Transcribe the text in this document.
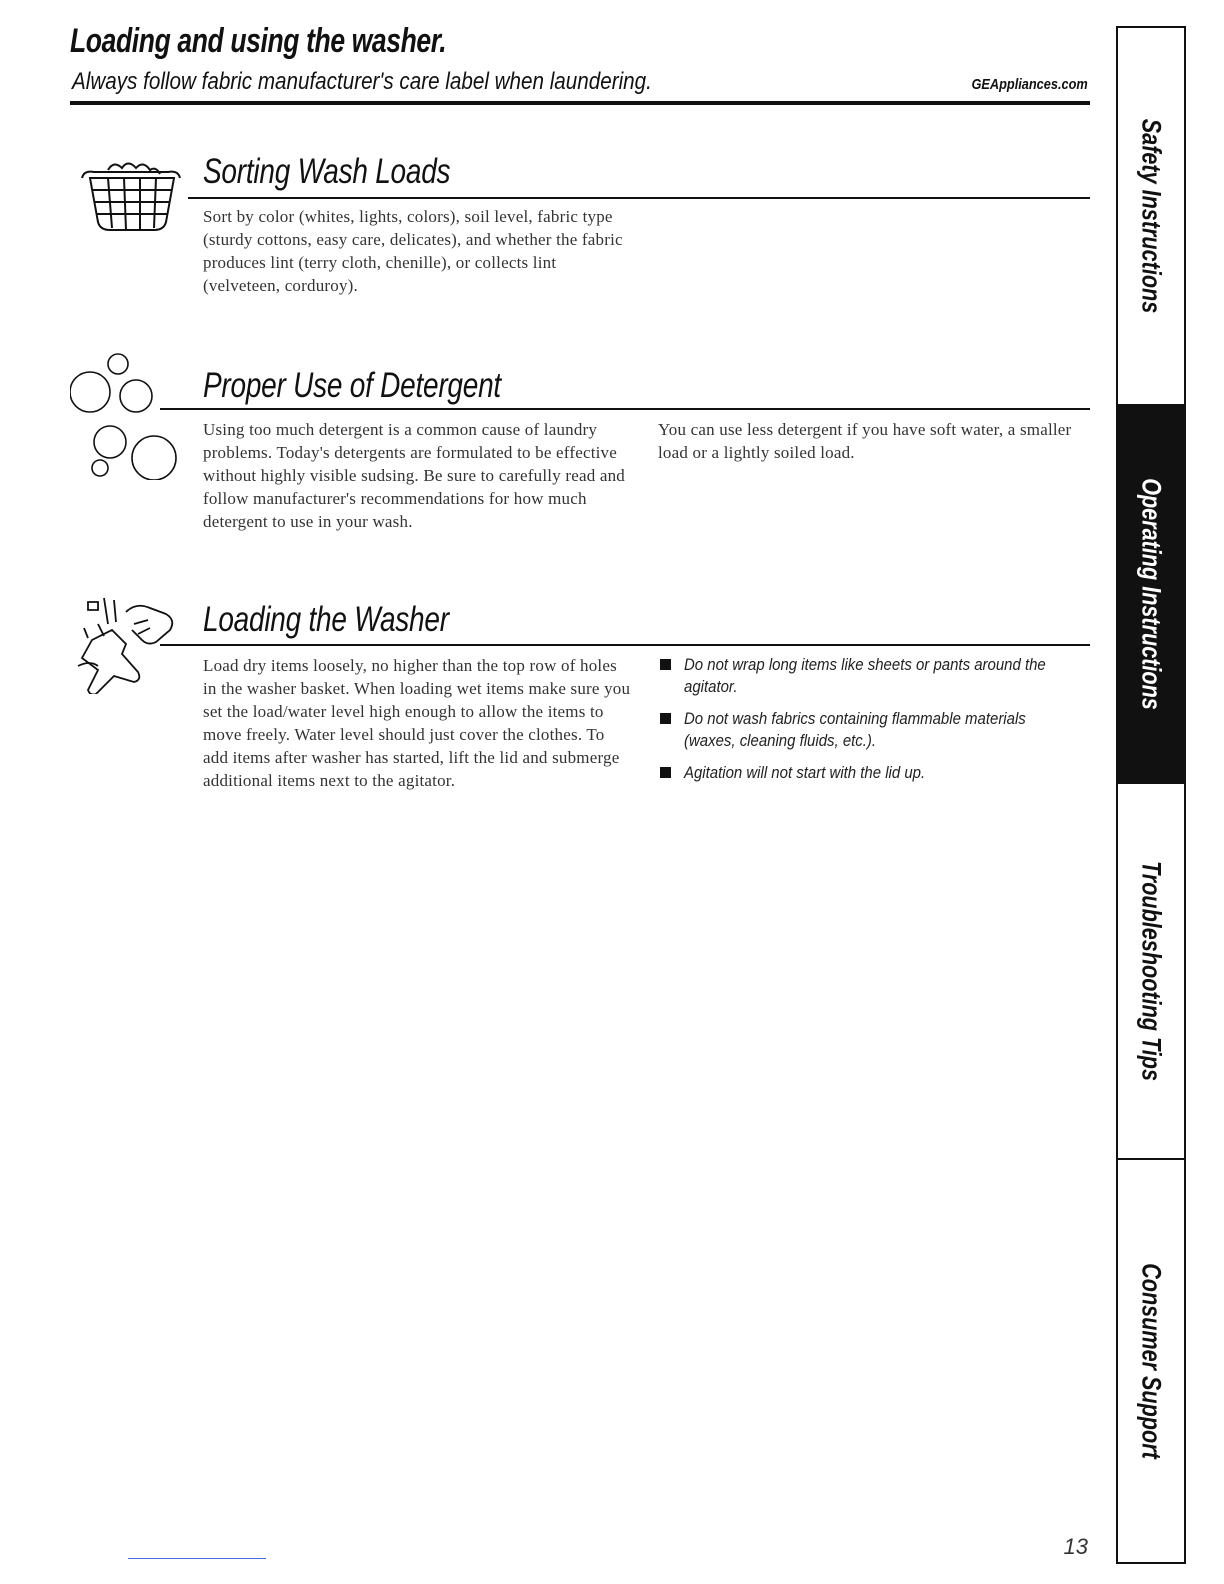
Loading and using the washer.
Always follow fabric manufacturer's care label when laundering.	GEAppliances.com
Sorting Wash Loads

Sort by color (whites, lights, colors), soil level, fabric type (sturdy cottons, easy care, delicates), and whether the fabric produces lint (terry cloth, chenille), or collects lint (velveteen, corduroy).

Proper Use of Detergent

Using too much detergent is a common cause of laundry problems. Today's detergents are formulated to be effective without highly visible sudsing. Be sure to carefully read and follow manufacturer's recommendations for how much detergent to use in your wash.

You can use less detergent if you have soft water, a smaller load or a lightly soiled load.

Loading the Washer

Load dry items loosely, no higher than the top row of holes in the washer basket. When loading wet items make sure you set the load/water level high enough to allow the items to move freely. Water level should just cover the clothes. To add items after washer has started, lift the lid and submerge additional items next to the agitator.

Do not wrap long items like sheets or pants around the agitator.
Do not wash fabrics containing flammable materials (waxes, cleaning fluids, etc.).
Agitation will not start with the lid up.
Safety Instructions
Operating Instructions
Troubleshooting Tips
Consumer Support
13
